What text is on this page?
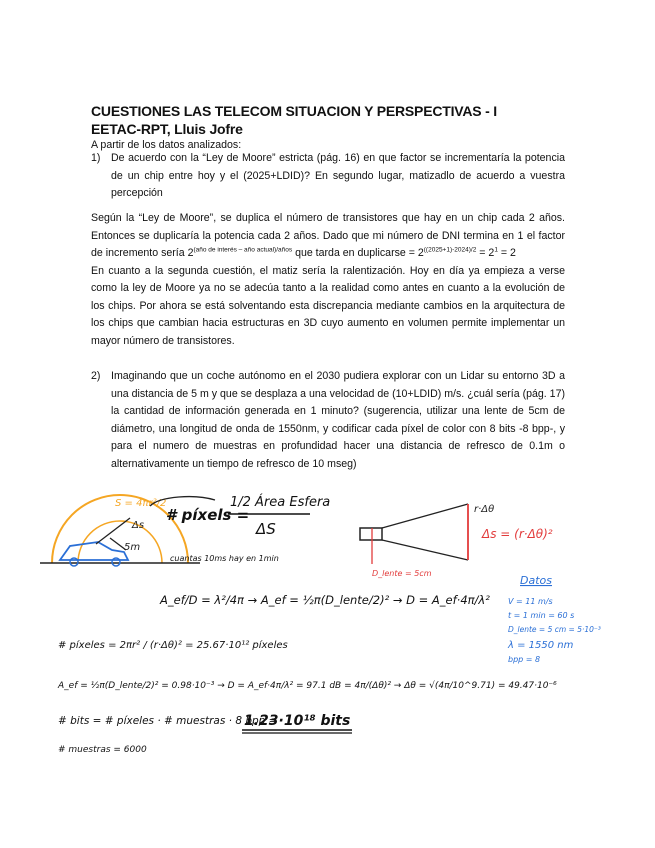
CUESTIONES LAS TELECOM SITUACION Y PERSPECTIVAS - I
EETAC-RPT, Lluis Jofre
A partir de los datos analizados:
1) De acuerdo con la “Ley de Moore” estricta (pág. 16) en que factor se incrementaría la potencia de un chip entre hoy y el (2025+LDID)? En segundo lugar, matizadlo de acuerdo a vuestra percepción
Según la “Ley de Moore”, se duplica el número de transistores que hay en un chip cada 2 años. Entonces se duplicaría la potencia cada 2 años. Dado que mi número de DNI termina en 1 el factor de incremento sería $2^{(año de interés - año actual)/años}$ que tarda en duplicarse = $2^{((2025+1)-2024)/2} = 2^1 = 2$
En cuanto a la segunda cuestión, el matiz sería la ralentización. Hoy en día ya empieza a verse como la ley de Moore ya no se adecúa tanto a la realidad como antes en cuanto a la evolución de los chips. Por ahora se está solventando esta discrepancia mediante cambios en la arquitectura de los chips que cambian hacia estructuras en 3D cuyo aumento en volumen permite implementar un mayor número de transistores.
2) Imaginando que un coche autónomo en el 2030 pudiera explorar con un Lidar su entorno 3D a una distancia de 5 m y que se desplaza a una velocidad de (10+LDID) m/s. ¿cuál sería (pág. 17) la cantidad de información generada en 1 minuto? (sugerencia, utilizar una lente de 5cm de diámetro, una longitud de onda de 1550nm, y codificar cada píxel de color con 8 bits -8 bpp-, y para el numero de muestras en profundidad hacer una distancia de refresco de 0.1m o alternativamente un tiempo de refresco de 10 mseg)
S = 4πr²/2
Δs
5m
# píxels =
1/2 Área Esfera
ΔS
cuantas 10ms hay en 1min
r·Δθ
Δs = (r·Δθ)²
D_lente = 5cm
A_ef/D = λ²/4π → A_ef = ½π(D_lente/2)² → D = A_ef·4π/λ²
# píxeles = 2πr² / (r·Δθ)² = 25.67·10¹² píxeles
A_ef = ½π(D_lente/2)² = 0.98·10⁻³ → D = A_ef·4π/λ² = 97.1 dB = 4π/(Δθ)² → Δθ = √(4π/10^9.71) = 49.47·10⁻⁶
# bits = # píxeles · # muestras · 8 bpp =
1.23·10¹⁸ bits
# muestras = 6000
Datos
V = 11 m/s
t = 1 min = 60 s
D_lente = 5 cm = 5·10⁻³
λ = 1550 nm
bpp = 8
